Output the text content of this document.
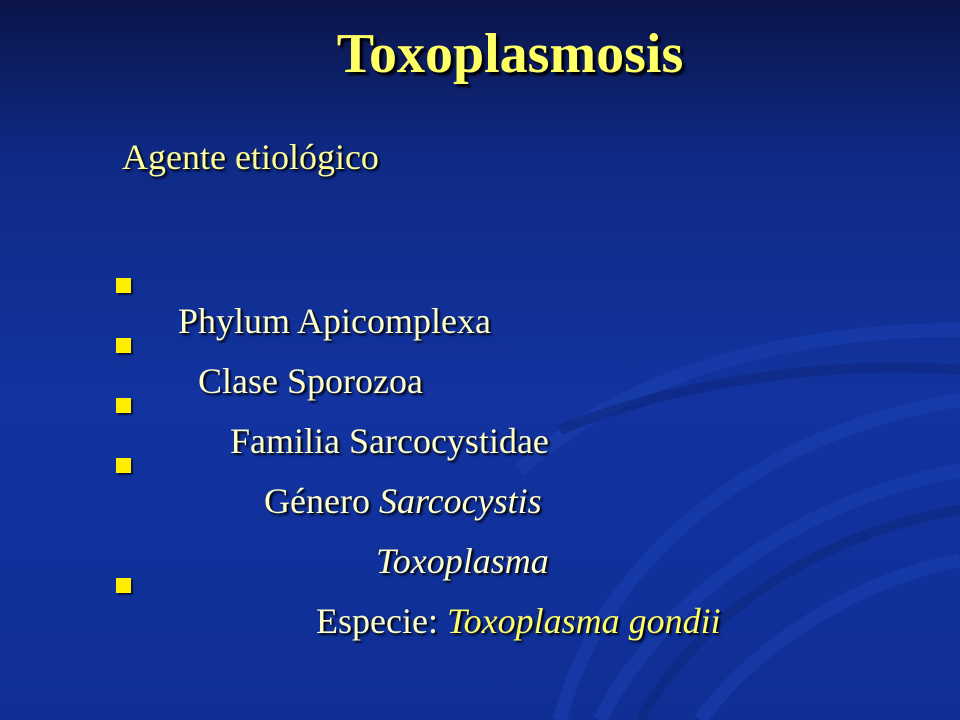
Toxoplasmosis
Agente etiológico

Phylum Apicomplexa

Clase Sporozoa

Familia Sarcocystidae

Género Sarcocystis

Toxoplasma

Especie: Toxoplasma gondii
